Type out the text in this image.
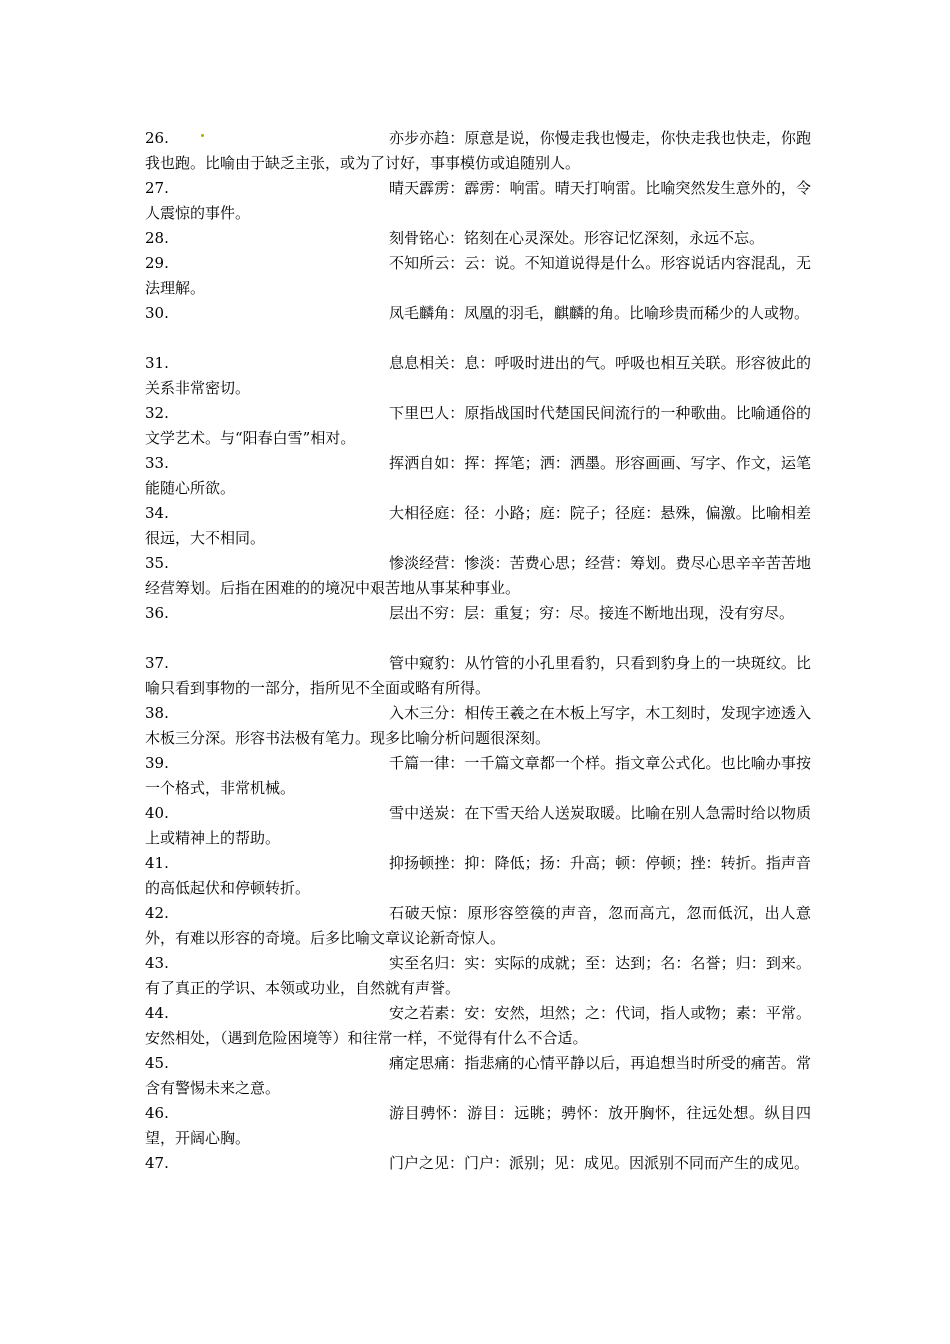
26.	亦步亦趋：原意是说，你慢走我也慢走，你快走我也快走，你跑我也跑。比喻由于缺乏主张，或为了讨好，事事模仿或追随别人。
27.	晴天霹雳：霹雳：响雷。晴天打响雷。比喻突然发生意外的，令人震惊的事件。
28.	刻骨铭心：铭刻在心灵深处。形容记忆深刻，永远不忘。
29.	不知所云：云：说。不知道说得是什么。形容说话内容混乱，无法理解。
30.	凤毛麟角：凤凰的羽毛，麒麟的角。比喻珍贵而稀少的人或物。
31.	息息相关：息：呼吸时进出的气。呼吸也相互关联。形容彼此的关系非常密切。
32.	下里巴人：原指战国时代楚国民间流行的一种歌曲。比喻通俗的文学艺术。与“阳春白雪”相对。
33.	挥洒自如：挥：挥笔；洒：洒墨。形容画画、写字、作文，运笔能随心所欲。
34.	大相径庭：径：小路；庭：院子；径庭：悬殊，偏激。比喻相差很远，大不相同。
35.	惨淡经营：惨淡：苦费心思；经营：筹划。费尽心思辛辛苦苦地经营筹划。后指在困难的的境况中艰苦地从事某种事业。
36.	层出不穷：层：重复；穷：尽。接连不断地出现，没有穷尽。
37.	管中窥豹：从竹管的小孔里看豹，只看到豹身上的一块斑纹。比喻只看到事物的一部分，指所见不全面或略有所得。
38.	入木三分：相传王羲之在木板上写字，木工刻时，发现字迹透入木板三分深。形容书法极有笔力。现多比喻分析问题很深刻。
39.	千篇一律：一千篇文章都一个样。指文章公式化。也比喻办事按一个格式，非常机械。
40.	雪中送炭：在下雪天给人送炭取暖。比喻在别人急需时给以物质上或精神上的帮助。
41.	抑扬顿挫：抑：降低；扬：升高；顿：停顿；挫：转折。指声音的高低起伏和停顿转折。
42.	石破天惊：原形容箜篌的声音，忽而高亢，忽而低沉，出人意外，有难以形容的奇境。后多比喻文章议论新奇惊人。
43.	实至名归：实：实际的成就；至：达到；名：名誉；归：到来。有了真正的学识、本领或功业，自然就有声誉。
44.	安之若素：安：安然，坦然；之：代词，指人或物；素：平常。安然相处，（遇到危险困境等）和往常一样，不觉得有什么不合适。
45.	痛定思痛：指悲痛的心情平静以后，再追想当时所受的痛苦。常含有警惕未来之意。
46.	游目骋怀：游目：远眺；骋怀：放开胸怀，往远处想。纵目四望，开阔心胸。
47.	门户之见：门户：派别；见：成见。因派别不同而产生的成见。
